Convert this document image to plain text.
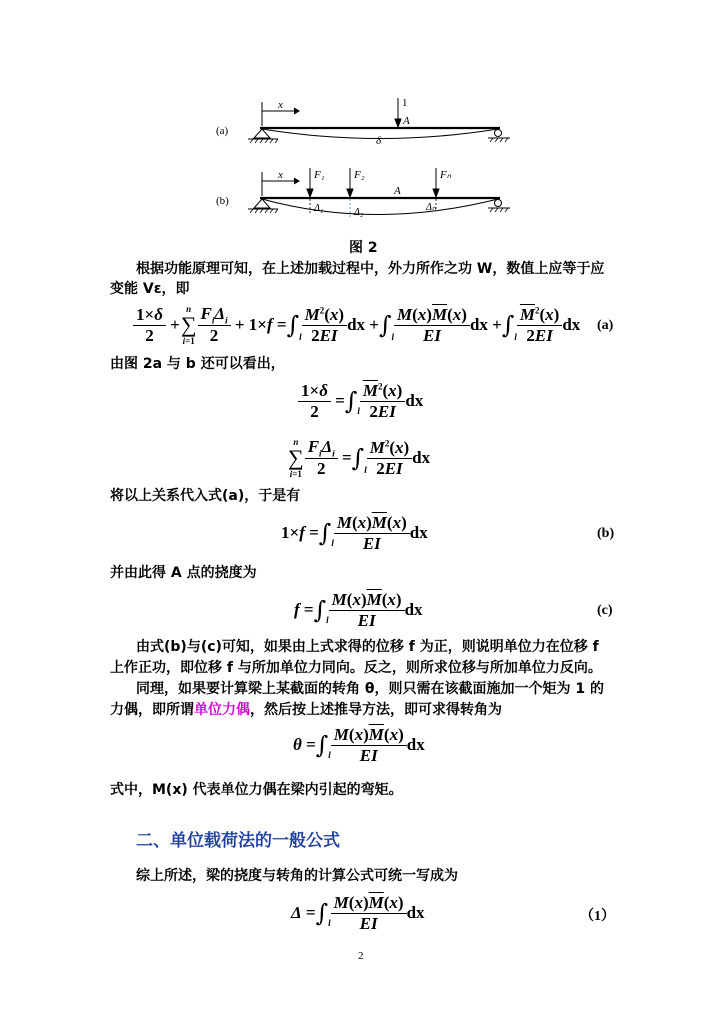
(a)
x	1
A
δ
(b)
x	F₁	F₂	Fₙ
A
Δ₁	Δ₂	Δₙ
图 2
根据功能原理可知，在上述加载过程中，外力所作之功 W，数值上应等于应
变能 Vε，即
$\frac{1\times\delta}{2}$ +
n
∑
$i=1 \frac{F_i\Delta_i}{2} + 1\times f$ = ∫ l $\frac{M^2(x)}{2EI}$ dx + ∫ l $\frac{M(x)\overline{M}(x)}{EI}$ dx + ∫ l $\frac{\overline{M}^2(x)}{2EI}$ dx (a)
由图 2a 与 b 还可以看出，
$\frac{1\times\delta}{2}$ = ∫ l $\frac{\overline{M}^2(x)}{2EI}$ dx
n
∑
$i=1 \frac{F_i\Delta_i}{2}$ = ∫ l $\frac{M^2(x)}{2EI}$ dx
将以上关系代入式(a)，于是有
1×f = ∫ l $\frac{M(x)\overline{M}(x)}{EI}$ dx	(b)
并由此得 A 点的挠度为
f = ∫ l $\frac{M(x)\overline{M}(x)}{EI}$ dx	(c)
由式(b)与(c)可知，如果由上式求得的位移 f 为正，则说明单位力在位移 f
上作正功，即位移 f 与所加单位力同向。反之，则所求位移与所加单位力反向。
同理，如果要计算梁上某截面的转角 θ，则只需在该截面施加一个矩为 1 的
力偶，即所谓单位力偶，然后按上述推导方法，即可求得转角为
θ = ∫ l $\frac{M(x)\overline{M}(x)}{EI}$ dx
式中，M(x) 代表单位力偶在梁内引起的弯矩。
二、单位载荷法的一般公式
综上所述，梁的挠度与转角的计算公式可统一写成为
Δ = ∫ l $\frac{M(x)\overline{M}(x)}{EI}$ dx	（1）
2
